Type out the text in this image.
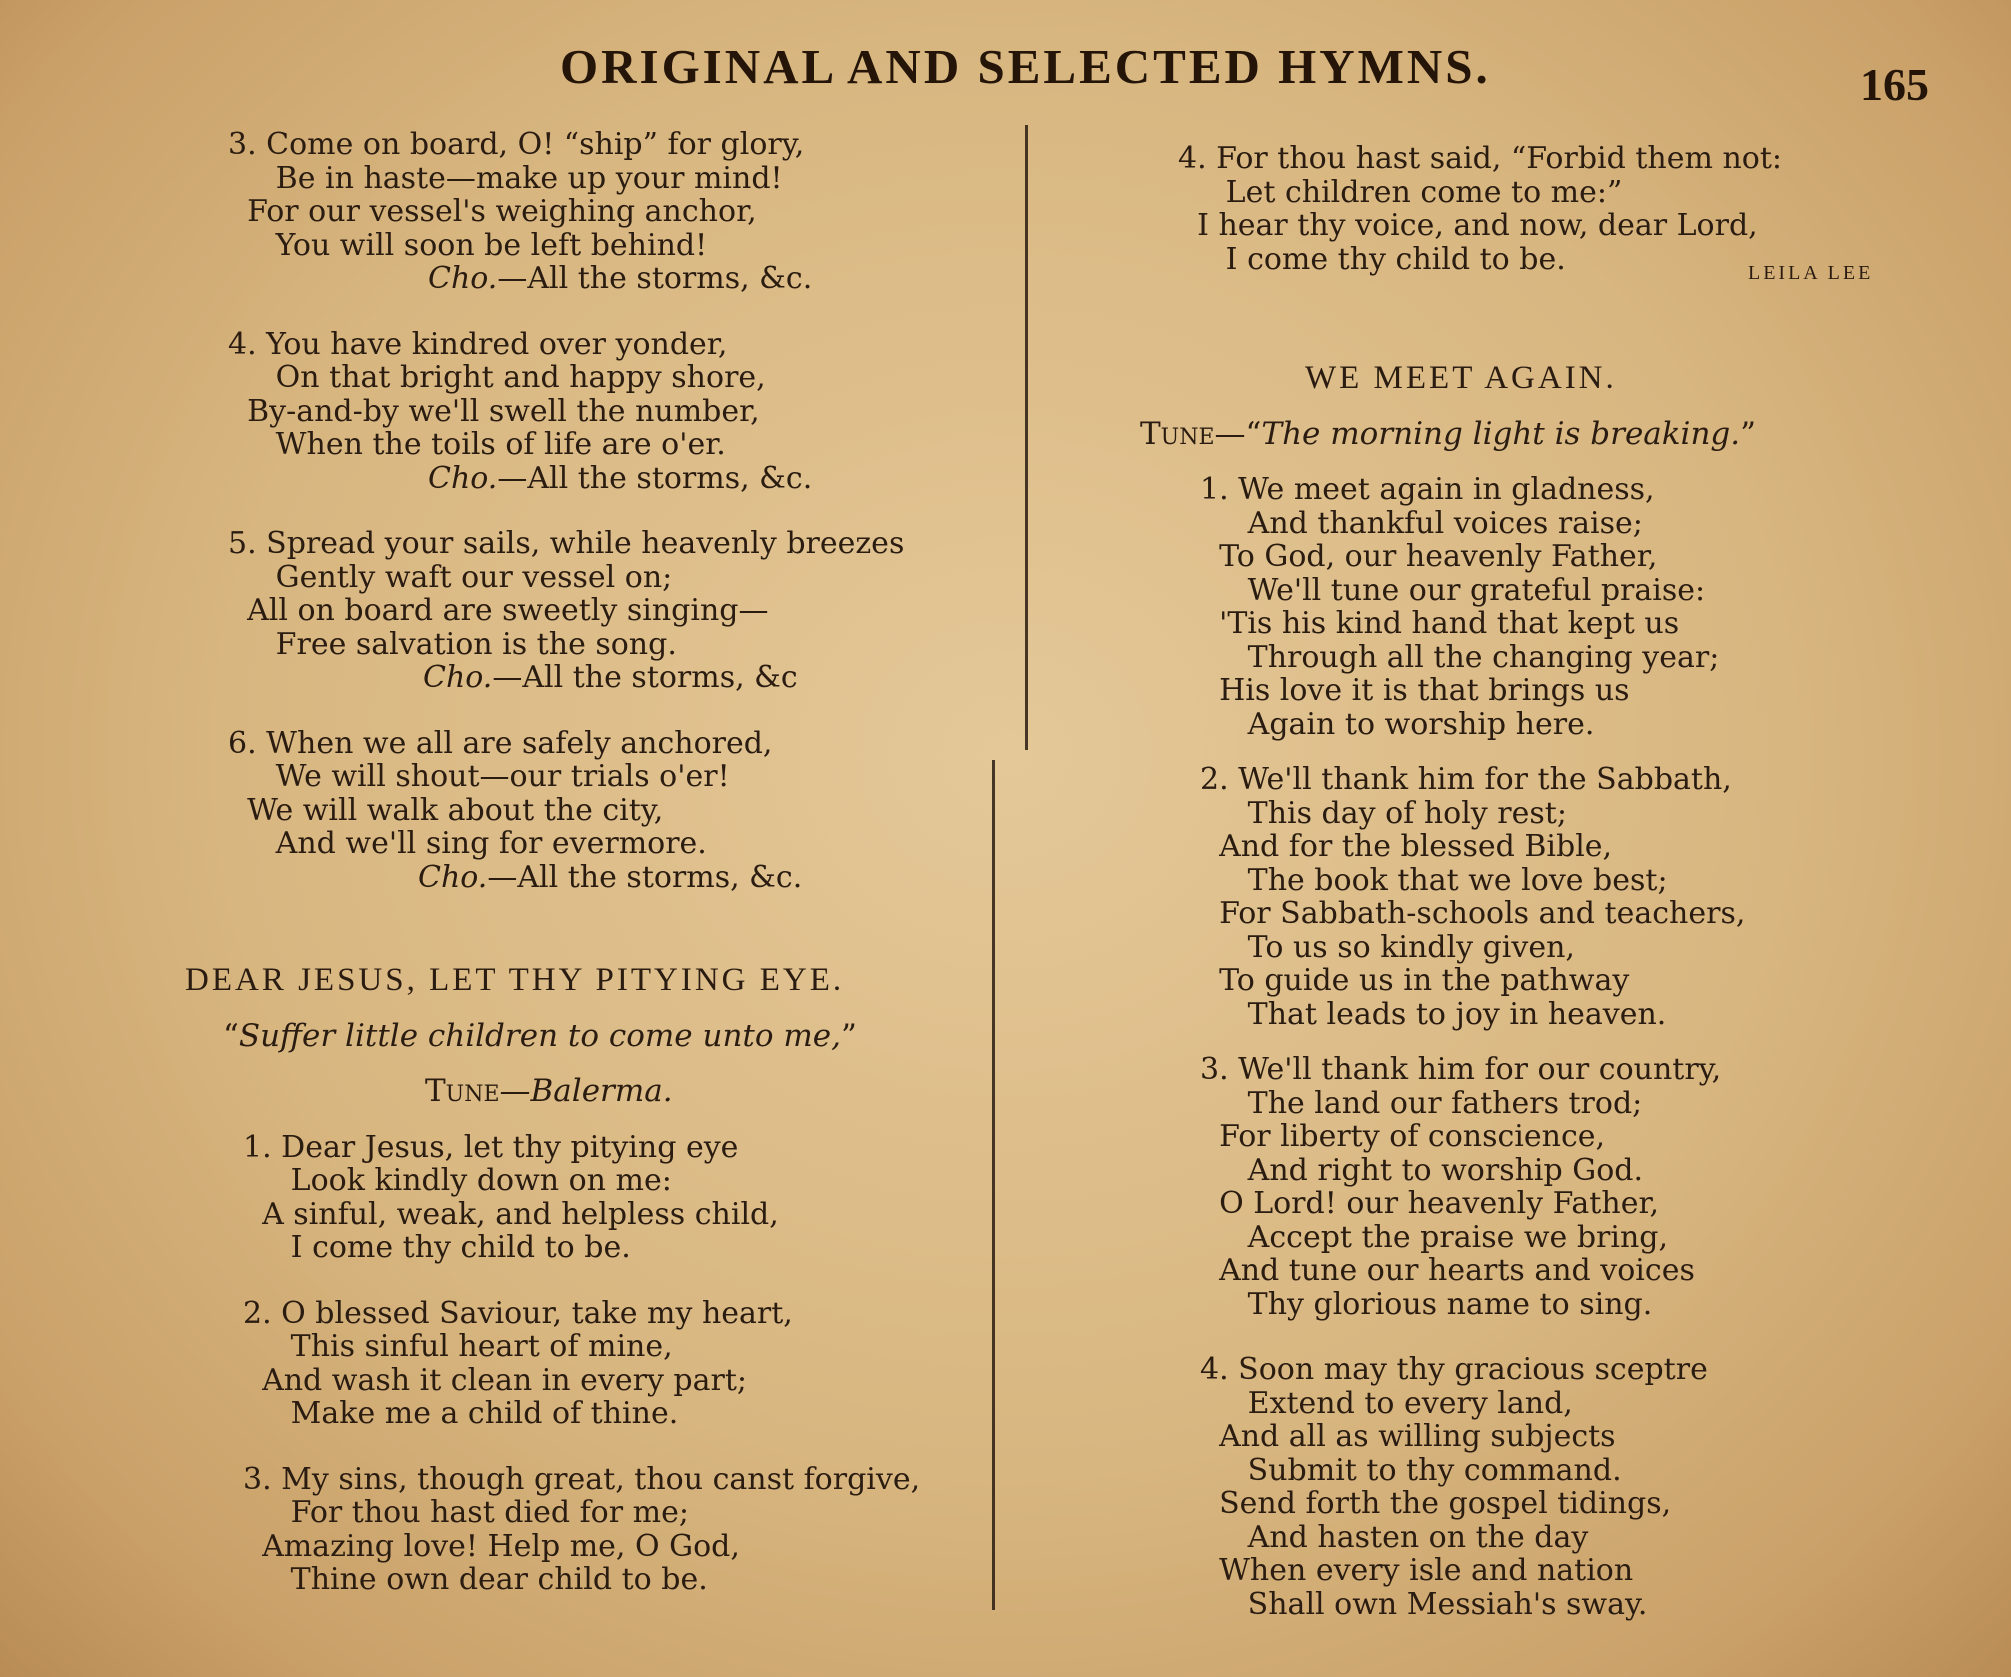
ORIGINAL AND SELECTED HYMNS.	165
3. Come on board, O! “ship” for glory,
Be in haste—make up your mind!
For our vessel's weighing anchor,
You will soon be left behind!
Cho.—All the storms, &c.
4. You have kindred over yonder,
On that bright and happy shore,
By-and-by we'll swell the number,
When the toils of life are o'er.
Cho.—All the storms, &c.
5. Spread your sails, while heavenly breezes
Gently waft our vessel on;
All on board are sweetly singing—
Free salvation is the song.
Cho.—All the storms, &c
6. When we all are safely anchored,
We will shout—our trials o'er!
We will walk about the city,
And we'll sing for evermore.
Cho.—All the storms, &c.
DEAR JESUS, LET THY PITYING EYE.
“Suffer little children to come unto me,”
Tune—Balerma.
1. Dear Jesus, let thy pitying eye
Look kindly down on me:
A sinful, weak, and helpless child,
I come thy child to be.
2. O blessed Saviour, take my heart,
This sinful heart of mine,
And wash it clean in every part;
Make me a child of thine.
3. My sins, though great, thou canst forgive,
For thou hast died for me;
Amazing love! Help me, O God,
Thine own dear child to be.
4. For thou hast said, “Forbid them not:
Let children come to me:”
I hear thy voice, and now, dear Lord,
I come thy child to be.	LEILA LEE
WE MEET AGAIN.
Tune—“The morning light is breaking.”
1. We meet again in gladness,
And thankful voices raise;
To God, our heavenly Father,
We'll tune our grateful praise:
'Tis his kind hand that kept us
Through all the changing year;
His love it is that brings us
Again to worship here.
2. We'll thank him for the Sabbath,
This day of holy rest;
And for the blessed Bible,
The book that we love best;
For Sabbath-schools and teachers,
To us so kindly given,
To guide us in the pathway
That leads to joy in heaven.
3. We'll thank him for our country,
The land our fathers trod;
For liberty of conscience,
And right to worship God.
O Lord! our heavenly Father,
Accept the praise we bring,
And tune our hearts and voices
Thy glorious name to sing.
4. Soon may thy gracious sceptre
Extend to every land,
And all as willing subjects
Submit to thy command.
Send forth the gospel tidings,
And hasten on the day
When every isle and nation
Shall own Messiah's sway.
